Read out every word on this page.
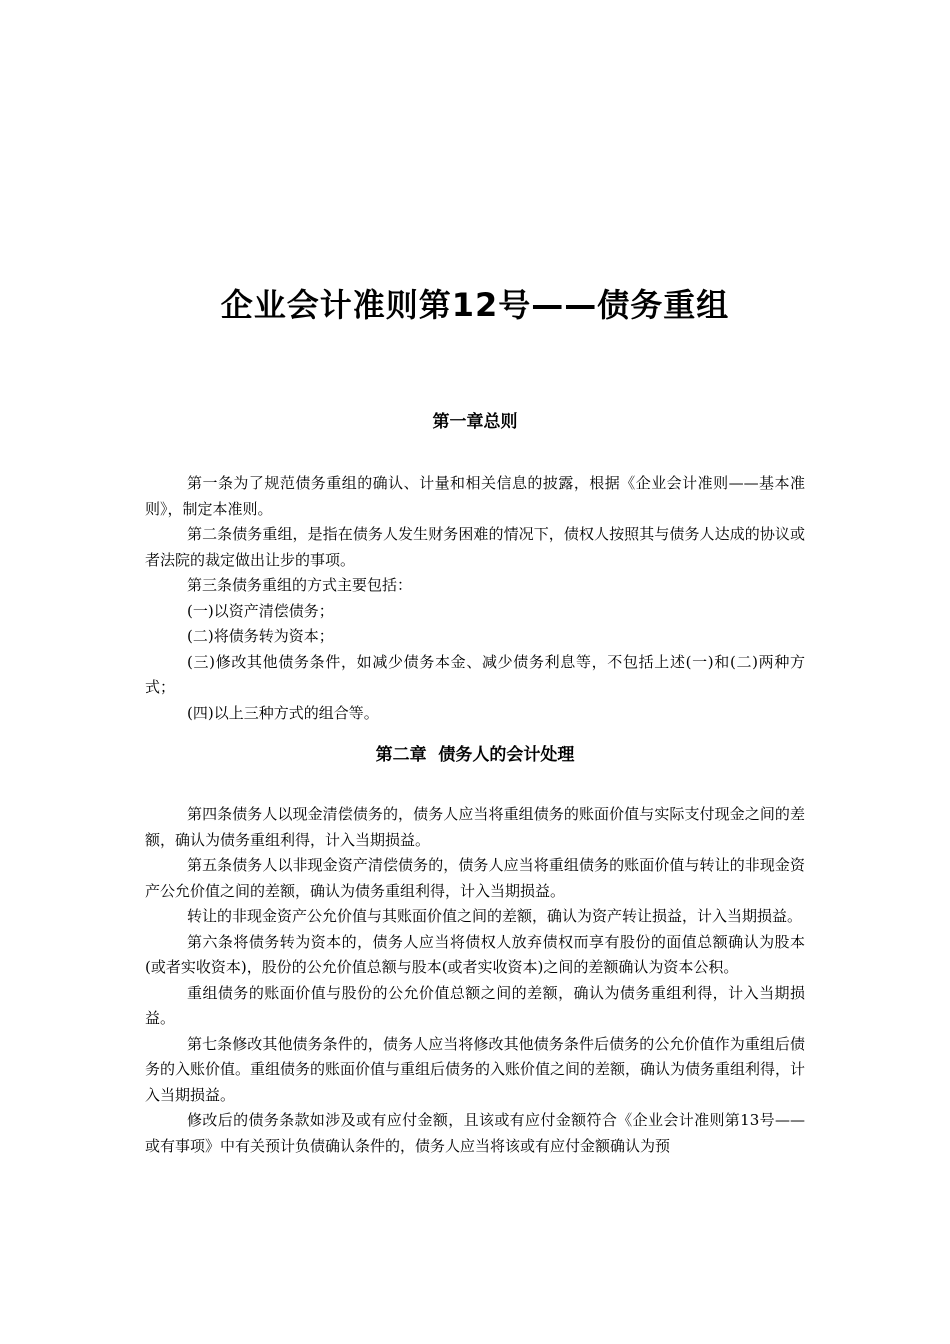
企业会计准则第12号——债务重组
第一章总则

第一条为了规范债务重组的确认、计量和相关信息的披露，根据《企业会计准则——基本准则》，制定本准则。

第二条债务重组，是指在债务人发生财务困难的情况下，债权人按照其与债务人达成的协议或者法院的裁定做出让步的事项。

第三条债务重组的方式主要包括：

(一)以资产清偿债务；

(二)将债务转为资本；

(三)修改其他债务条件，如减少债务本金、减少债务利息等，不包括上述(一)和(二)两种方式；

(四)以上三种方式的组合等。

第二章  债务人的会计处理

第四条债务人以现金清偿债务的，债务人应当将重组债务的账面价值与实际支付现金之间的差额，确认为债务重组利得，计入当期损益。

第五条债务人以非现金资产清偿债务的，债务人应当将重组债务的账面价值与转让的非现金资产公允价值之间的差额，确认为债务重组利得，计入当期损益。

转让的非现金资产公允价值与其账面价值之间的差额，确认为资产转让损益，计入当期损益。

第六条将债务转为资本的，债务人应当将债权人放弃债权而享有股份的面值总额确认为股本(或者实收资本)，股份的公允价值总额与股本(或者实收资本)之间的差额确认为资本公积。

重组债务的账面价值与股份的公允价值总额之间的差额，确认为债务重组利得，计入当期损益。

第七条修改其他债务条件的，债务人应当将修改其他债务条件后债务的公允价值作为重组后债务的入账价值。重组债务的账面价值与重组后债务的入账价值之间的差额，确认为债务重组利得，计入当期损益。

修改后的债务条款如涉及或有应付金额，且该或有应付金额符合《企业会计准则第13号——或有事项》中有关预计负债确认条件的，债务人应当将该或有应付金额确认为预
